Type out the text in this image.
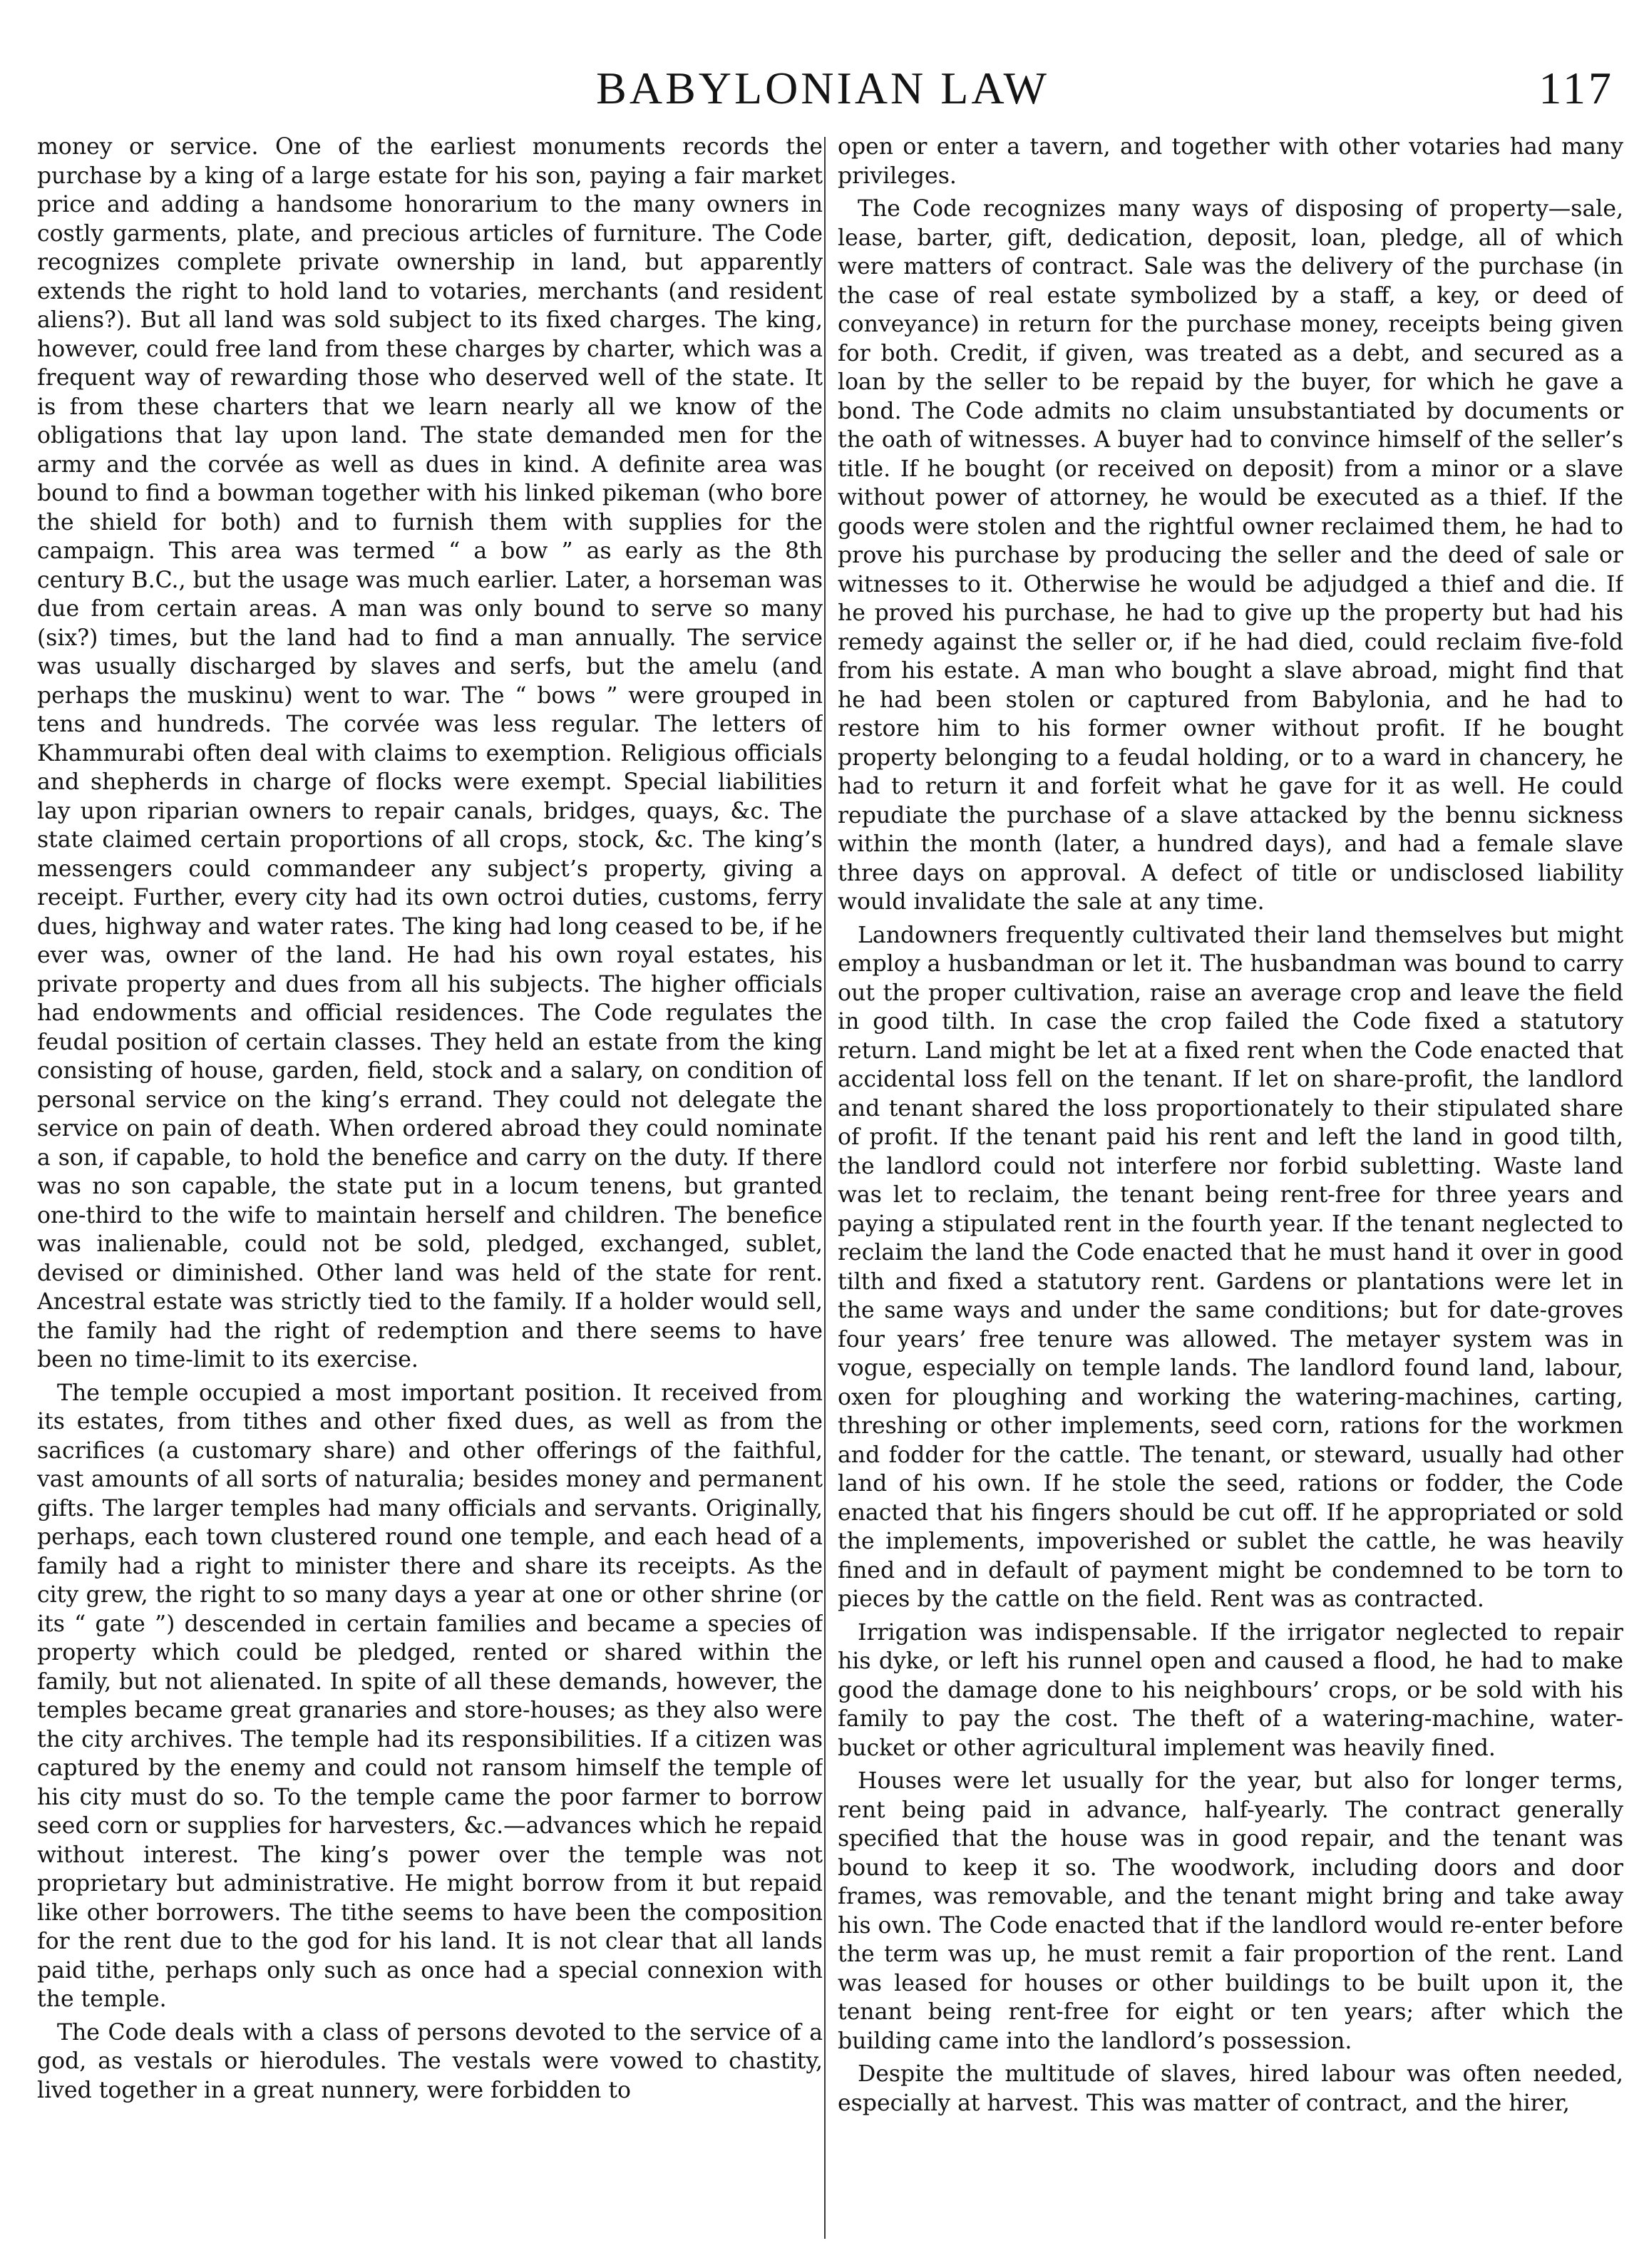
BABYLONIAN LAW	117

money or service. One of the earliest monuments records the purchase by a king of a large estate for his son, paying a fair market price and adding a handsome honorarium to the many owners in costly garments, plate, and precious articles of furniture. The Code recognizes complete private ownership in land, but apparently extends the right to hold land to votaries, merchants (and resident aliens?). But all land was sold subject to its fixed charges. The king, however, could free land from these charges by charter, which was a frequent way of rewarding those who deserved well of the state. It is from these charters that we learn nearly all we know of the obligations that lay upon land. The state demanded men for the army and the corvée as well as dues in kind. A definite area was bound to find a bowman together with his linked pikeman (who bore the shield for both) and to furnish them with supplies for the campaign. This area was termed “ a bow ” as early as the 8th century B.C., but the usage was much earlier. Later, a horseman was due from certain areas. A man was only bound to serve so many (six?) times, but the land had to find a man annually. The service was usually discharged by slaves and serfs, but the amelu (and perhaps the muskinu) went to war. The “ bows ” were grouped in tens and hundreds. The corvée was less regular. The letters of Khammurabi often deal with claims to exemption. Religious officials and shepherds in charge of flocks were exempt. Special liabilities lay upon riparian owners to repair canals, bridges, quays, &c. The state claimed certain proportions of all crops, stock, &c. The king’s messengers could commandeer any subject’s property, giving a receipt. Further, every city had its own octroi duties, customs, ferry dues, highway and water rates. The king had long ceased to be, if he ever was, owner of the land. He had his own royal estates, his private property and dues from all his subjects. The higher officials had endowments and official residences. The Code regulates the feudal position of certain classes. They held an estate from the king consisting of house, garden, field, stock and a salary, on condition of personal service on the king’s errand. They could not delegate the service on pain of death. When ordered abroad they could nominate a son, if capable, to hold the benefice and carry on the duty. If there was no son capable, the state put in a locum tenens, but granted one-third to the wife to maintain herself and children. The benefice was inalienable, could not be sold, pledged, exchanged, sublet, devised or diminished. Other land was held of the state for rent. Ancestral estate was strictly tied to the family. If a holder would sell, the family had the right of redemption and there seems to have been no time-limit to its exercise.

The temple occupied a most important position. It received from its estates, from tithes and other fixed dues, as well as from the sacrifices (a customary share) and other offerings of the faithful, vast amounts of all sorts of naturalia; besides money and permanent gifts. The larger temples had many officials and servants. Originally, perhaps, each town clustered round one temple, and each head of a family had a right to minister there and share its receipts. As the city grew, the right to so many days a year at one or other shrine (or its “ gate ”) descended in certain families and became a species of property which could be pledged, rented or shared within the family, but not alienated. In spite of all these demands, however, the temples became great granaries and store-houses; as they also were the city archives. The temple had its responsibilities. If a citizen was captured by the enemy and could not ransom himself the temple of his city must do so. To the temple came the poor farmer to borrow seed corn or supplies for harvesters, &c.—advances which he repaid without interest. The king’s power over the temple was not proprietary but administrative. He might borrow from it but repaid like other borrowers. The tithe seems to have been the composition for the rent due to the god for his land. It is not clear that all lands paid tithe, perhaps only such as once had a special connexion with the temple.

The Code deals with a class of persons devoted to the service of a god, as vestals or hierodules. The vestals were vowed to chastity, lived together in a great nunnery, were forbidden to

open or enter a tavern, and together with other votaries had many privileges.

The Code recognizes many ways of disposing of property—sale, lease, barter, gift, dedication, deposit, loan, pledge, all of which were matters of contract. Sale was the delivery of the purchase (in the case of real estate symbolized by a staff, a key, or deed of conveyance) in return for the purchase money, receipts being given for both. Credit, if given, was treated as a debt, and secured as a loan by the seller to be repaid by the buyer, for which he gave a bond. The Code admits no claim unsubstantiated by documents or the oath of witnesses. A buyer had to convince himself of the seller’s title. If he bought (or received on deposit) from a minor or a slave without power of attorney, he would be executed as a thief. If the goods were stolen and the rightful owner reclaimed them, he had to prove his purchase by producing the seller and the deed of sale or witnesses to it. Otherwise he would be adjudged a thief and die. If he proved his purchase, he had to give up the property but had his remedy against the seller or, if he had died, could reclaim five-fold from his estate. A man who bought a slave abroad, might find that he had been stolen or captured from Babylonia, and he had to restore him to his former owner without profit. If he bought property belonging to a feudal holding, or to a ward in chancery, he had to return it and forfeit what he gave for it as well. He could repudiate the purchase of a slave attacked by the bennu sickness within the month (later, a hundred days), and had a female slave three days on approval. A defect of title or undisclosed liability would invalidate the sale at any time.

Landowners frequently cultivated their land themselves but might employ a husbandman or let it. The husbandman was bound to carry out the proper cultivation, raise an average crop and leave the field in good tilth. In case the crop failed the Code fixed a statutory return. Land might be let at a fixed rent when the Code enacted that accidental loss fell on the tenant. If let on share-profit, the landlord and tenant shared the loss proportionately to their stipulated share of profit. If the tenant paid his rent and left the land in good tilth, the landlord could not interfere nor forbid subletting. Waste land was let to reclaim, the tenant being rent-free for three years and paying a stipulated rent in the fourth year. If the tenant neglected to reclaim the land the Code enacted that he must hand it over in good tilth and fixed a statutory rent. Gardens or plantations were let in the same ways and under the same conditions; but for date-groves four years’ free tenure was allowed. The metayer system was in vogue, especially on temple lands. The landlord found land, labour, oxen for ploughing and working the watering-machines, carting, threshing or other implements, seed corn, rations for the workmen and fodder for the cattle. The tenant, or steward, usually had other land of his own. If he stole the seed, rations or fodder, the Code enacted that his fingers should be cut off. If he appropriated or sold the implements, impoverished or sublet the cattle, he was heavily fined and in default of payment might be condemned to be torn to pieces by the cattle on the field. Rent was as contracted.

Irrigation was indispensable. If the irrigator neglected to repair his dyke, or left his runnel open and caused a flood, he had to make good the damage done to his neighbours’ crops, or be sold with his family to pay the cost. The theft of a watering-machine, water-bucket or other agricultural implement was heavily fined.

Houses were let usually for the year, but also for longer terms, rent being paid in advance, half-yearly. The contract generally specified that the house was in good repair, and the tenant was bound to keep it so. The woodwork, including doors and door frames, was removable, and the tenant might bring and take away his own. The Code enacted that if the landlord would re-enter before the term was up, he must remit a fair proportion of the rent. Land was leased for houses or other buildings to be built upon it, the tenant being rent-free for eight or ten years; after which the building came into the landlord’s possession.

Despite the multitude of slaves, hired labour was often needed, especially at harvest. This was matter of contract, and the hirer,
